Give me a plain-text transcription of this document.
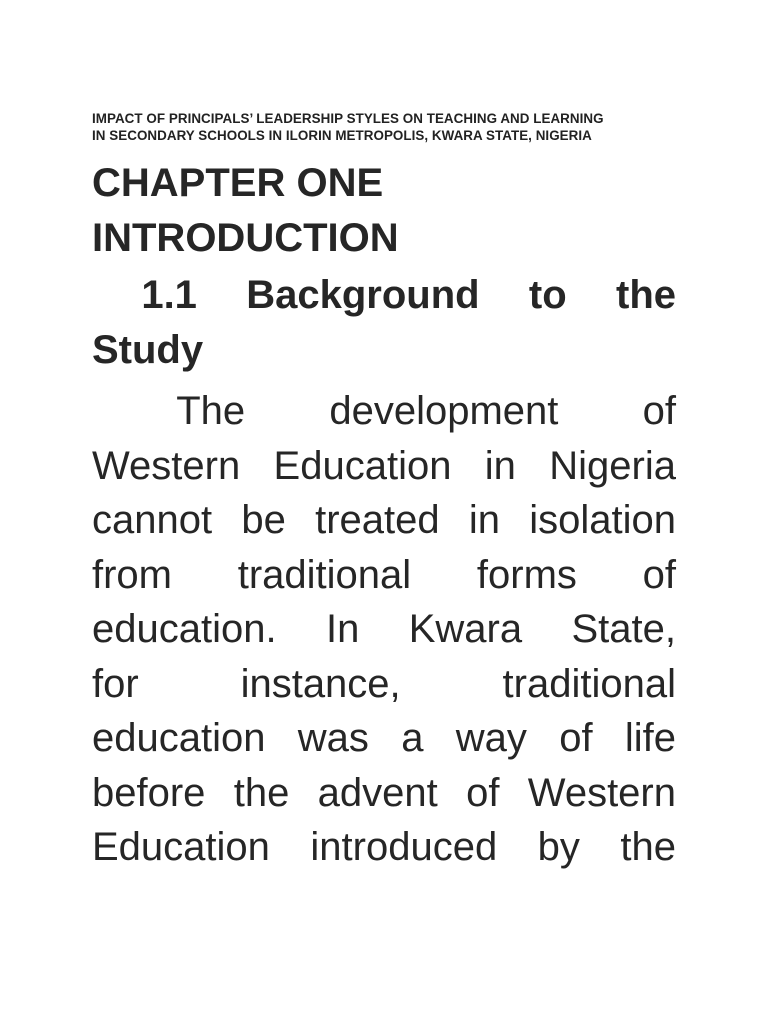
IMPACT OF PRINCIPALS’ LEADERSHIP STYLES ON TEACHING AND LEARNING
IN SECONDARY SCHOOLS IN ILORIN METROPOLIS, KWARA STATE, NIGERIA
CHAPTER ONE
INTRODUCTION
1.1 Background to the
Study

The development of
Western Education in Nigeria
cannot be treated in isolation
from traditional forms of
education. In Kwara State,
for instance, traditional
education was a way of life
before the advent of Western
Education introduced by the
